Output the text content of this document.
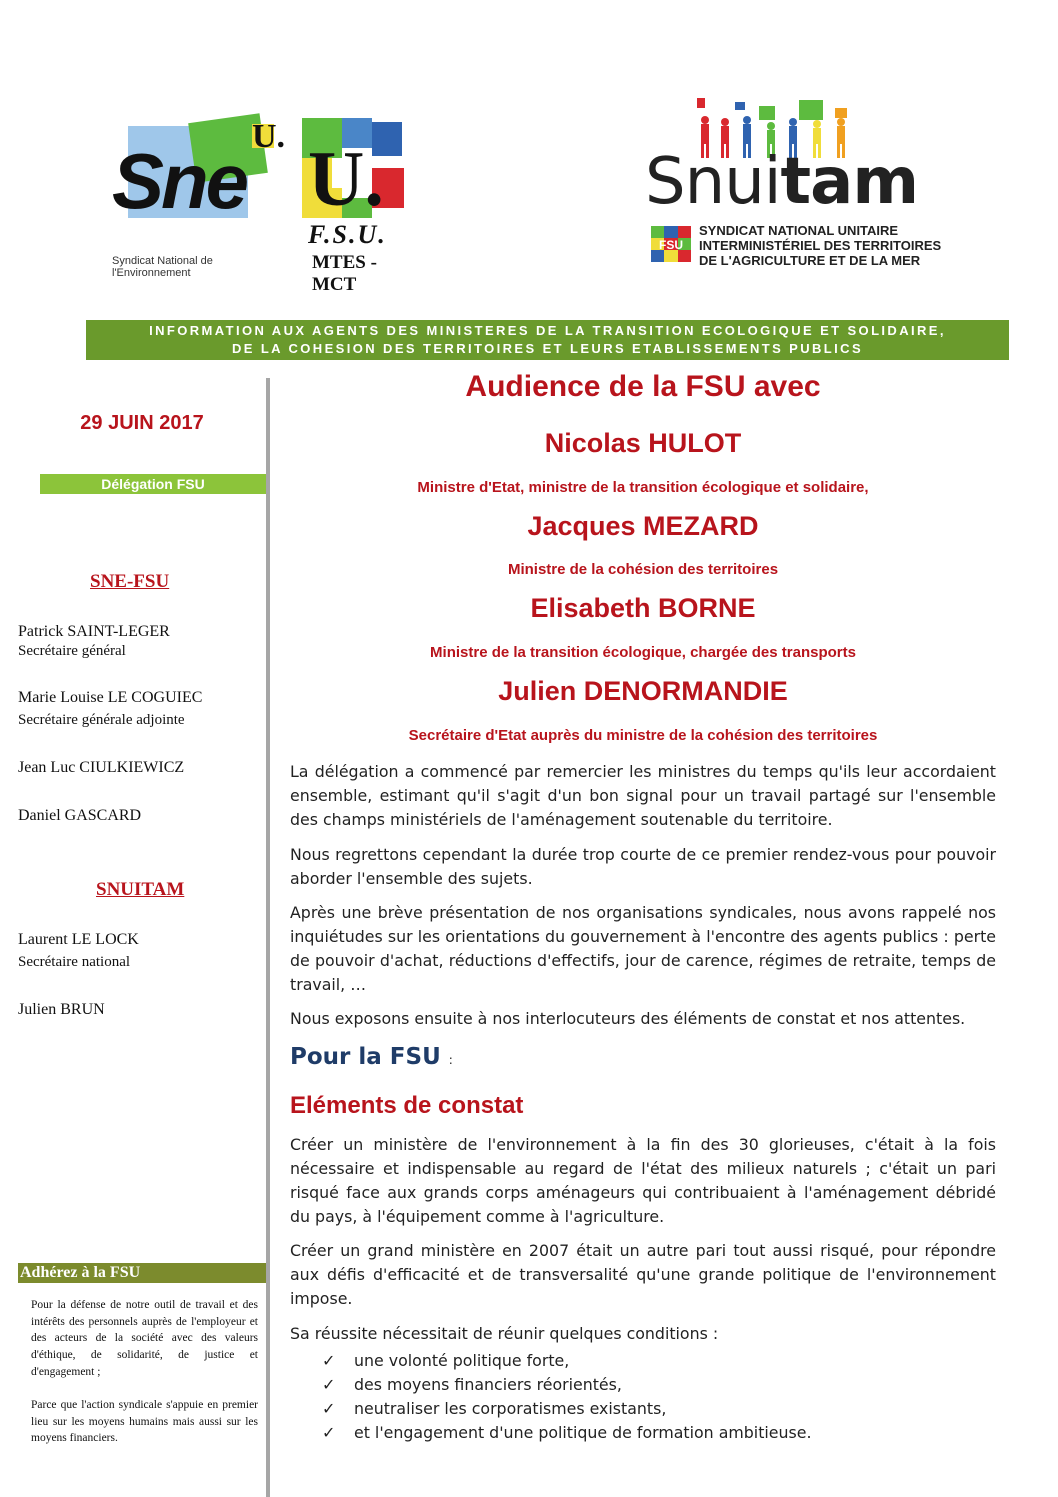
Sne
U.
Syndicat National de l'Environnement
U.
F.S.U.
MTES - MCT
Snuitam
FSU
SYNDICAT NATIONAL UNITAIRE
INTERMINISTÉRIEL DES TERRITOIRES
DE L'AGRICULTURE ET DE LA MER
INFORMATION AUX AGENTS DES MINISTERES DE LA TRANSITION ECOLOGIQUE ET SOLIDAIRE,
DE LA COHESION DES TERRITOIRES ET LEURS ETABLISSEMENTS PUBLICS
29 JUIN 2017
Délégation FSU
SNE-FSU
Patrick SAINT-LEGER
Secrétaire général
Marie Louise LE COGUIEC
Secrétaire générale adjointe
Jean Luc CIULKIEWICZ
Daniel GASCARD
SNUITAM
Laurent LE LOCK
Secrétaire national
Julien BRUN
Adhérez à la FSU
Pour la défense de notre outil de travail et des intérêts des personnels auprès de l'employeur et des acteurs de la société avec des valeurs d'éthique, de solidarité, de justice et d'engagement ;
Parce que l'action syndicale s'appuie en premier lieu sur les moyens humains mais aussi sur les moyens financiers.
Audience de la FSU avec
Nicolas HULOT
Ministre d'Etat, ministre de la transition écologique et solidaire,
Jacques MEZARD
Ministre de la cohésion des territoires
Elisabeth BORNE
Ministre de la transition écologique, chargée des transports
Julien DENORMANDIE
Secrétaire d'Etat auprès du ministre de la cohésion des territoires

La délégation a commencé par remercier les ministres du temps qu'ils leur accordaient ensemble, estimant qu'il s'agit d'un bon signal pour un travail partagé sur l'ensemble des champs ministériels de l'aménagement soutenable du territoire.

Nous regrettons cependant la durée trop courte de ce premier rendez-vous pour pouvoir aborder l'ensemble des sujets.

Après une brève présentation de nos organisations syndicales, nous avons rappelé nos inquiétudes sur les orientations du gouvernement à l'encontre des agents publics : perte de pouvoir d'achat, réductions d'effectifs, jour de carence, régimes de retraite, temps de travail, …

Nous exposons ensuite à nos interlocuteurs des éléments de constat et nos attentes.

Pour la FSU :
Eléments de constat

Créer un ministère de l'environnement à la fin des 30 glorieuses, c'était à la fois nécessaire et indispensable au regard de l'état des milieux naturels ; c'était un pari risqué face aux grands corps aménageurs qui contribuaient à l'aménagement débridé du pays, à l'équipement comme à l'agriculture.

Créer un grand ministère en 2007 était un autre pari tout aussi risqué, pour répondre aux défis d'efficacité et de transversalité qu'une grande politique de l'environnement impose.

Sa réussite nécessitait de réunir quelques conditions :

✓ une volonté politique forte,
✓ des moyens financiers réorientés,
✓ neutraliser les corporatismes existants,
✓ et l'engagement d'une politique de formation ambitieuse.
